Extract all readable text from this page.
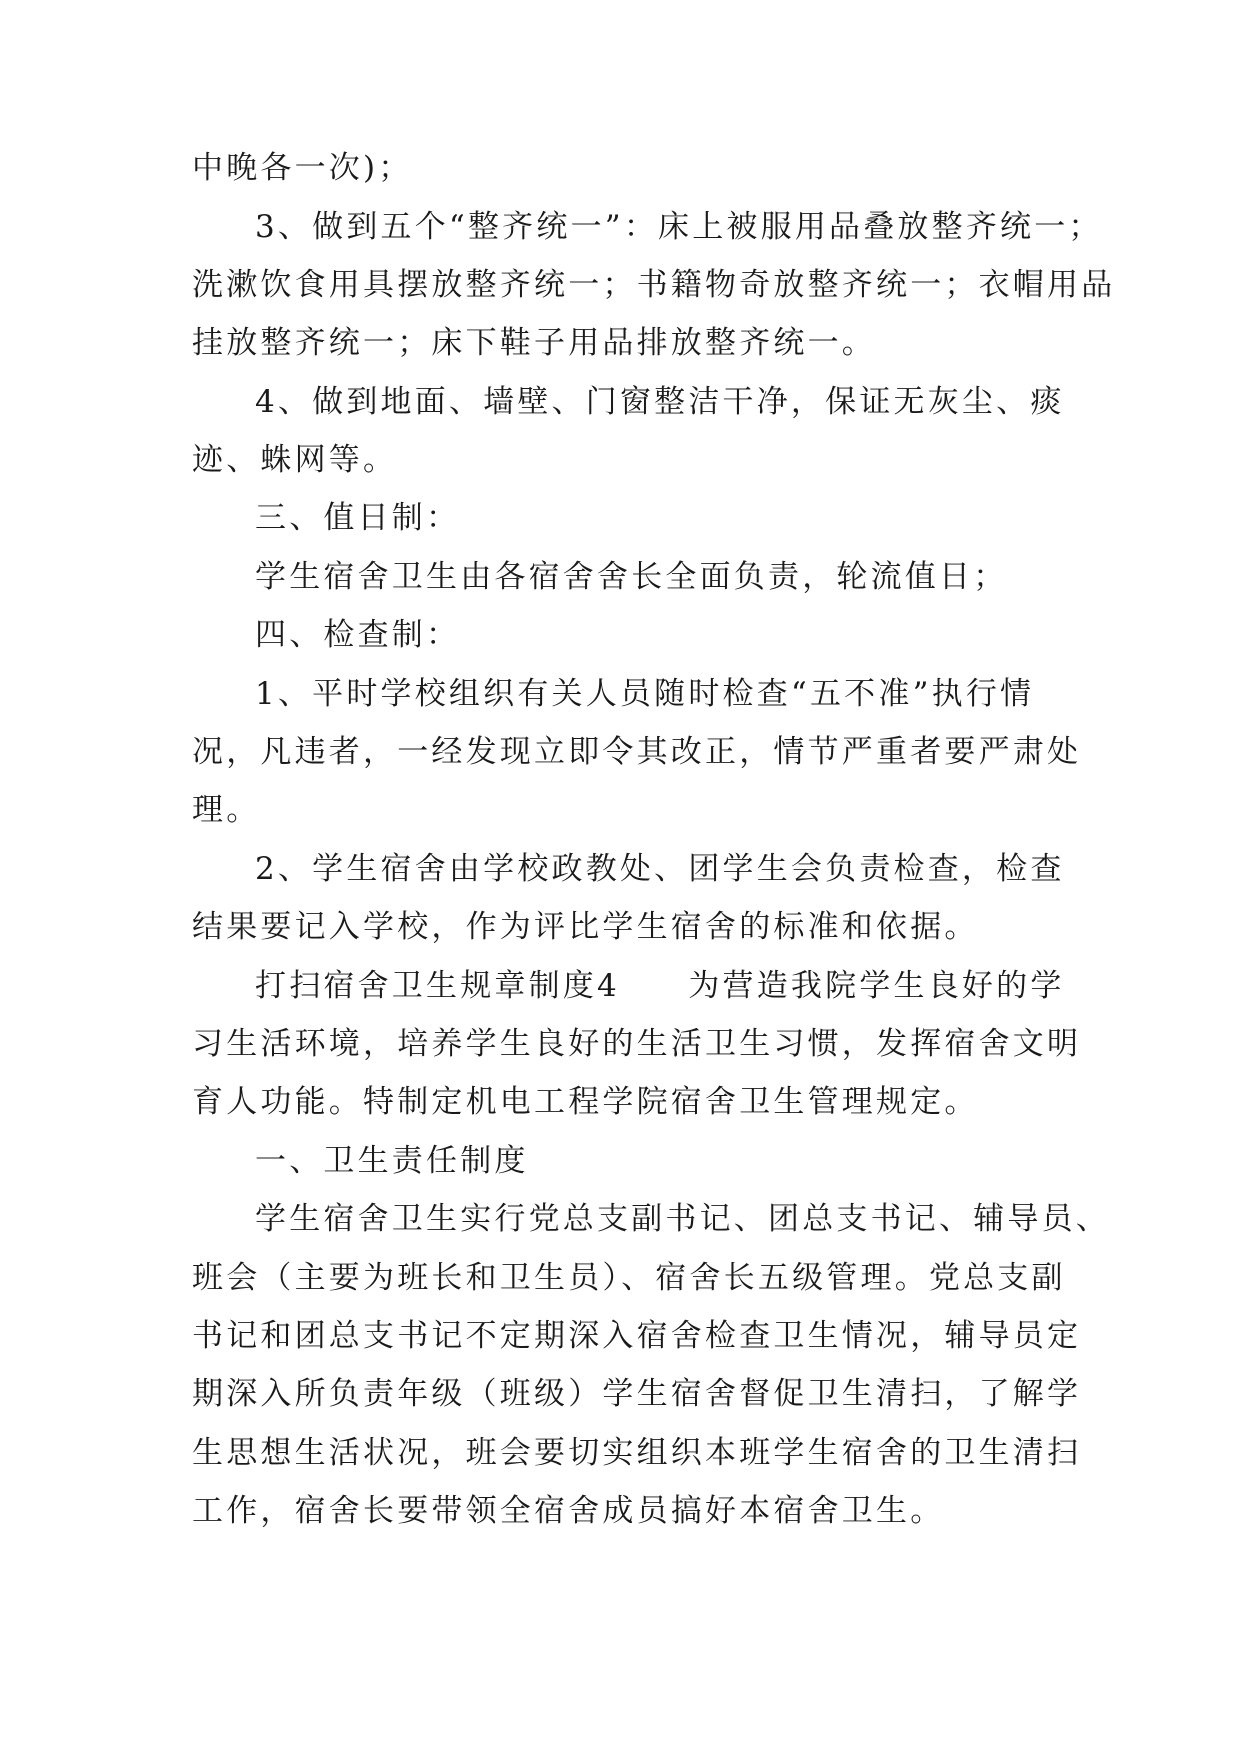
中晚各一次)；

3、做到五个“整齐统一”：床上被服用品叠放整齐统一；

洗漱饮食用具摆放整齐统一；书籍物奇放整齐统一；衣帽用品

挂放整齐统一；床下鞋子用品排放整齐统一。

4、做到地面、墙壁、门窗整洁干净，保证无灰尘、痰

迹、蛛网等。

三、值日制：

学生宿舍卫生由各宿舍舍长全面负责，轮流值日；

四、检查制：

1、平时学校组织有关人员随时检查“五不准”执行情

况，凡违者，一经发现立即令其改正，情节严重者要严肃处

理。

2、学生宿舍由学校政教处、团学生会负责检查，检查

结果要记入学校，作为评比学生宿舍的标准和依据。

打扫宿舍卫生规章制度4　　为营造我院学生良好的学

习生活环境，培养学生良好的生活卫生习惯，发挥宿舍文明

育人功能。特制定机电工程学院宿舍卫生管理规定。

一、卫生责任制度

学生宿舍卫生实行党总支副书记、团总支书记、辅导员、

班会（主要为班长和卫生员）、宿舍长五级管理。党总支副

书记和团总支书记不定期深入宿舍检查卫生情况，辅导员定

期深入所负责年级（班级）学生宿舍督促卫生清扫，了解学

生思想生活状况，班会要切实组织本班学生宿舍的卫生清扫

工作，宿舍长要带领全宿舍成员搞好本宿舍卫生。
